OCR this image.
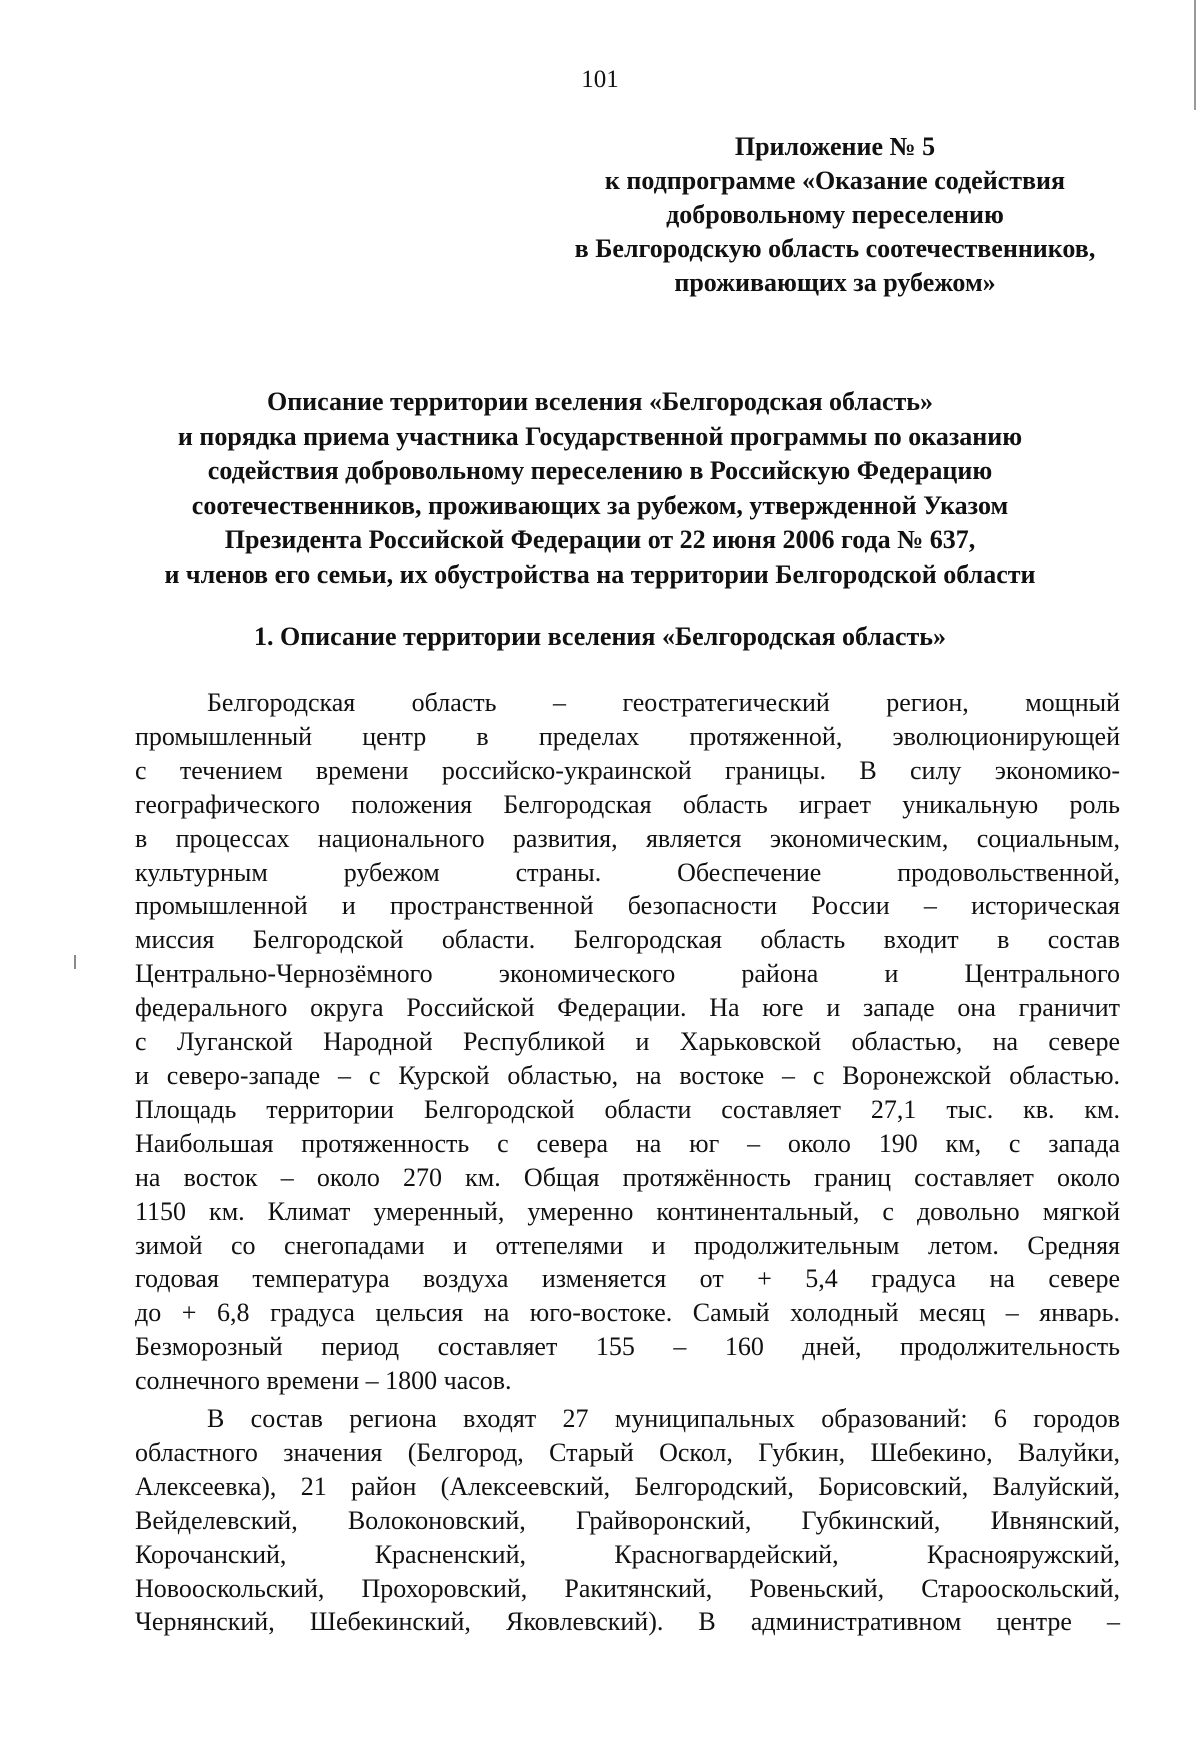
101
Приложение № 5
к подпрограмме «Оказание содействия
добровольному переселению
в Белгородскую область соотечественников,
проживающих за рубежом»
Описание территории вселения «Белгородская область»
и порядка приема участника Государственной программы по оказанию
содействия добровольному переселению в Российскую Федерацию
соотечественников, проживающих за рубежом, утвержденной Указом
Президента Российской Федерации от 22 июня 2006 года № 637,
и членов его семьи, их обустройства на территории Белгородской области
1. Описание территории вселения «Белгородская область»
Белгородская область – геостратегический регион, мощный
промышленный центр в пределах протяженной, эволюционирующей
с течением времени российско-украинской границы. В силу экономико-
географического положения Белгородская область играет уникальную роль
в процессах национального развития, является экономическим, социальным,
культурным рубежом страны. Обеспечение продовольственной,
промышленной и пространственной безопасности России – историческая
миссия Белгородской области. Белгородская область входит в состав
Центрально-Чернозёмного экономического района и Центрального
федерального округа Российской Федерации. На юге и западе она граничит
с Луганской Народной Республикой и Харьковской областью, на севере
и северо-западе – с Курской областью, на востоке – с Воронежской областью.
Площадь территории Белгородской области составляет 27,1 тыс. кв. км.
Наибольшая протяженность с севера на юг – около 190 км, с запада
на восток – около 270 км. Общая протяжённость границ составляет около
1150 км. Климат умеренный, умеренно континентальный, с довольно мягкой
зимой со снегопадами и оттепелями и продолжительным летом. Средняя
годовая температура воздуха изменяется от + 5,4 градуса на севере
до + 6,8 градуса цельсия на юго-востоке. Самый холодный месяц – январь.
Безморозный период составляет 155 – 160 дней, продолжительность
солнечного времени – 1800 часов.
В состав региона входят 27 муниципальных образований: 6 городов
областного значения (Белгород, Старый Оскол, Губкин, Шебекино, Валуйки,
Алексеевка), 21 район (Алексеевский, Белгородский, Борисовский, Валуйский,
Вейделевский, Волоконовский, Грайворонский, Губкинский, Ивнянский,
Корочанский, Красненский, Красногвардейский, Краснояружский,
Новооскольский, Прохоровский, Ракитянский, Ровеньский, Старооскольский,
Чернянский, Шебекинский, Яковлевский). В административном центре –
